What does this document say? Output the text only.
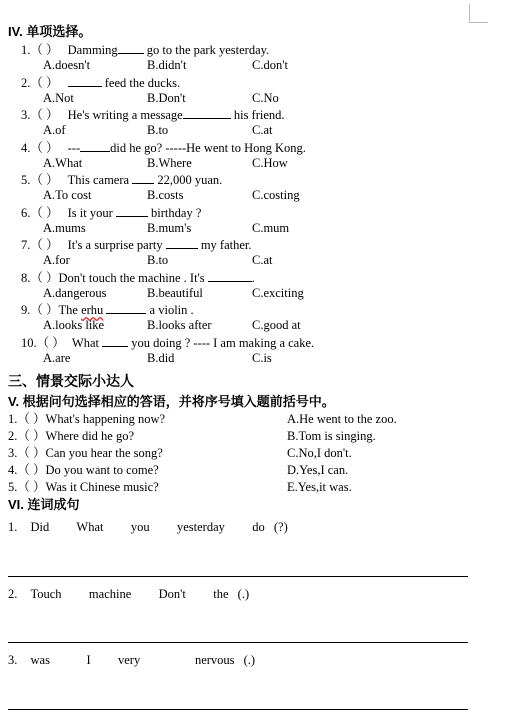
IV. 单项选择。
1.（ ） Damming go to the park yesterday.
A.doesn't	B.didn't	C.don't
2.（ ）	feed the ducks.
A.Not	B.Don't	C.No
3.（ ） He's writing a message	his friend.
A.of	B.to	C.at
4.（ ） --- did he go? -----He went to Hong Kong.
A.What	B.Where	C.How
5.（ ） This camera 22,000 yuan.
A.To cost	B.costs	C.costing
6.（ ） Is it your	birthday ?
A.mums	B.mum's	C.mum
7.（ ） It's a surprise party	my father.
A.for	B.to	C.at
8.（ ）Don't touch the machine . It's	.
A.dangerous	B.beautiful	C.exciting
9.（ ）The erhu	a violin .
A.looks like	B.looks after	C.good at
10.（ ） What	you doing ? ---- I am making a cake.
A.are	B.did	C.is
三、情景交际小达人
V. 根据问句选择相应的答语，并将序号填入题前括号中。
1.（ ）What's happening now?	A.He went to the zoo.
2.（ ）Where did he go?	B.Tom is singing.
3.（ ）Can you hear the song?	C.No,I don't.
4.（ ）Do you want to come?	D.Yes,I can.
5.（ ）Was it Chinese music?	E.Yes,it was.
VI. 连词成句
1. Did   What   you   yesterday   do (?)
2. Touch   machine   Don't   the (.)
3. was    I   very      nervous (.)
